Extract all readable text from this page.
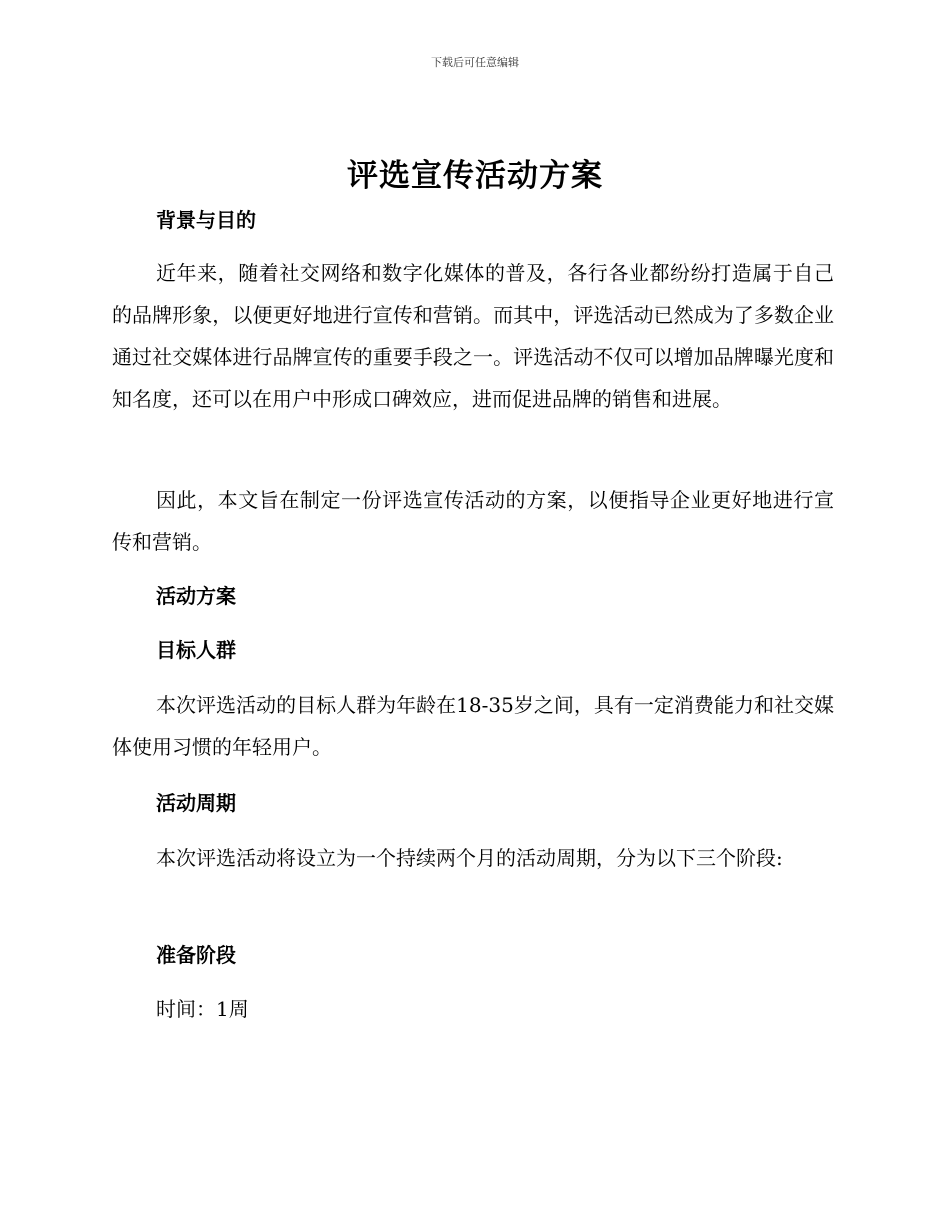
下载后可任意编辑
评选宣传活动方案
背景与目的
近年来，随着社交网络和数字化媒体的普及，各行各业都纷纷打造属于自己的品牌形象，以便更好地进行宣传和营销。而其中，评选活动已然成为了多数企业通过社交媒体进行品牌宣传的重要手段之一。评选活动不仅可以增加品牌曝光度和知名度，还可以在用户中形成口碑效应，进而促进品牌的销售和进展。
因此，本文旨在制定一份评选宣传活动的方案，以便指导企业更好地进行宣传和营销。
活动方案
目标人群
本次评选活动的目标人群为年龄在18-35岁之间，具有一定消费能力和社交媒体使用习惯的年轻用户。
活动周期
本次评选活动将设立为一个持续两个月的活动周期，分为以下三个阶段:
准备阶段
时间：1周
